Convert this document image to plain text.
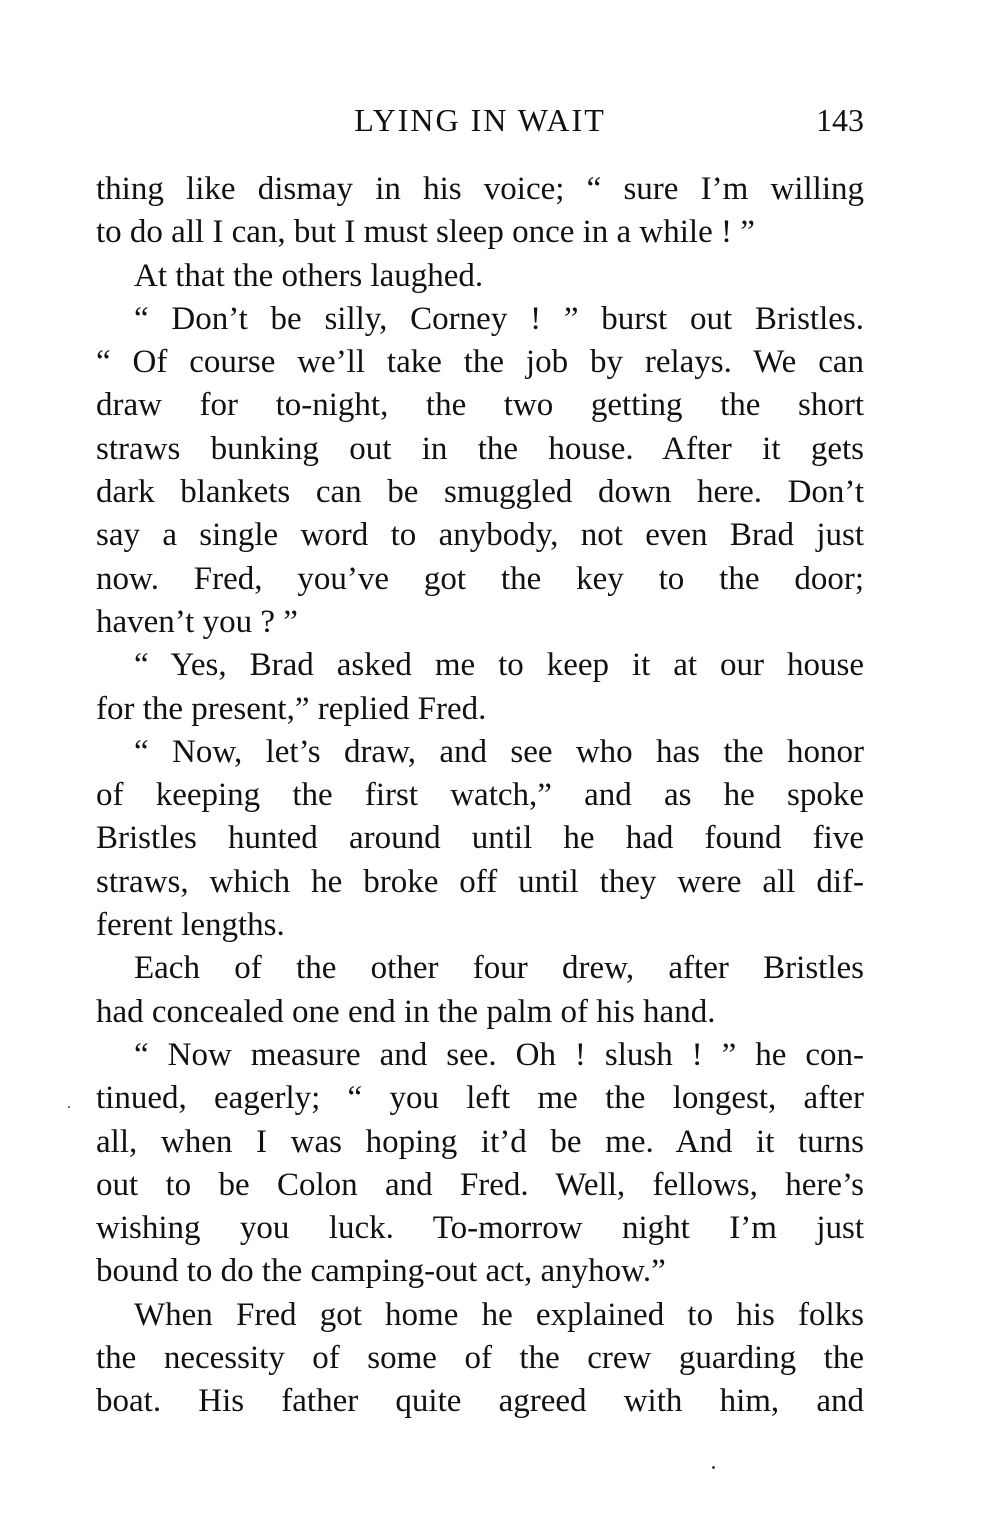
LYING IN WAIT	143
thing like dismay in his voice; “ sure I’m willing
to do all I can, but I must sleep once in a while ! ”
At that the others laughed.
“ Don’t be silly, Corney ! ” burst out Bristles.
“ Of course we’ll take the job by relays. We can
draw for to-night, the two getting the short
straws bunking out in the house. After it gets
dark blankets can be smuggled down here. Don’t
say a single word to anybody, not even Brad just
now. Fred, you’ve got the key to the door;
haven’t you ? ”
“ Yes, Brad asked me to keep it at our house
for the present,” replied Fred.
“ Now, let’s draw, and see who has the honor
of keeping the first watch,” and as he spoke
Bristles hunted around until he had found five
straws, which he broke off until they were all dif-
ferent lengths.
Each of the other four drew, after Bristles
had concealed one end in the palm of his hand.
“ Now measure and see. Oh ! slush ! ” he con-
tinued, eagerly; “ you left me the longest, after
all, when I was hoping it’d be me. And it turns
out to be Colon and Fred. Well, fellows, here’s
wishing you luck. To-morrow night I’m just
bound to do the camping-out act, anyhow.”
When Fred got home he explained to his folks
the necessity of some of the crew guarding the
boat. His father quite agreed with him, and
